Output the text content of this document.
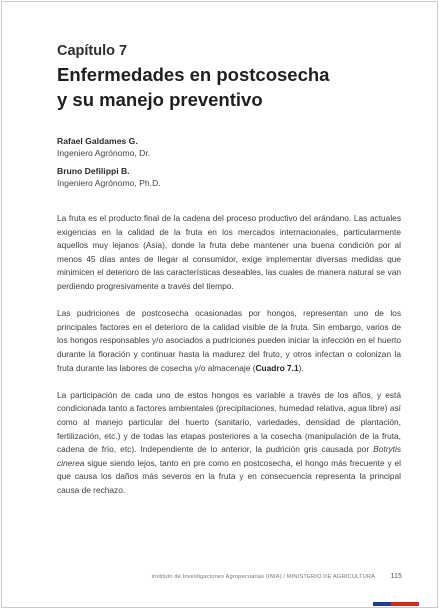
Capítulo 7
Enfermedades en postcosecha
y su manejo preventivo
Rafael Galdames G.
Ingeniero Agrónomo, Dr.
Bruno Defilippi B.
Ingeniero Agrónomo, Ph.D.

La fruta es el producto final de la cadena del proceso productivo del arándano. Las actuales exigencias en la calidad de la fruta en los mercados internacionales, particularmente aquellos muy lejanos (Asia), donde la fruta debe mantener una buena condición por al menos 45 días antes de llegar al consumidor, exige implementar diversas medidas que minimicen el deterioro de las características deseables, las cuales de manera natural se van perdiendo progresivamente a través del tiempo.

Las pudriciones de postcosecha ocasionadas por hongos, representan uno de los principales factores en el deterioro de la calidad visible de la fruta. Sin embargo, varios de los hongos responsables y/o asociados a pudriciones pueden iniciar la infección en el huerto durante la floración y continuar hasta la madurez del fruto, y otros infectan o colonizan la fruta durante las labores de cosecha y/o almacenaje (Cuadro 7.1).

La participación de cada uno de estos hongos es variable a través de los años, y está condicionada tanto a factores ambientales (precipitaciones, humedad relativa, agua libre) así como al manejo particular del huerto (sanitario, variedades, densidad de plantación, fertilización, etc.) y de todas las etapas posteriores a la cosecha (manipulación de la fruta, cadena de frío, etc). Independiente de lo anterior, la pudrición gris causada por Botrytis cinerea sigue siendo lejos, tanto en pre como en postcosecha, el hongo más frecuente y el que causa los daños más severos en la fruta y en consecuencia representa la principal causa de rechazo.

Instituto de Investigaciones Agropecuarias (INIA) / MINISTERIO DE AGRICULTURA 115
